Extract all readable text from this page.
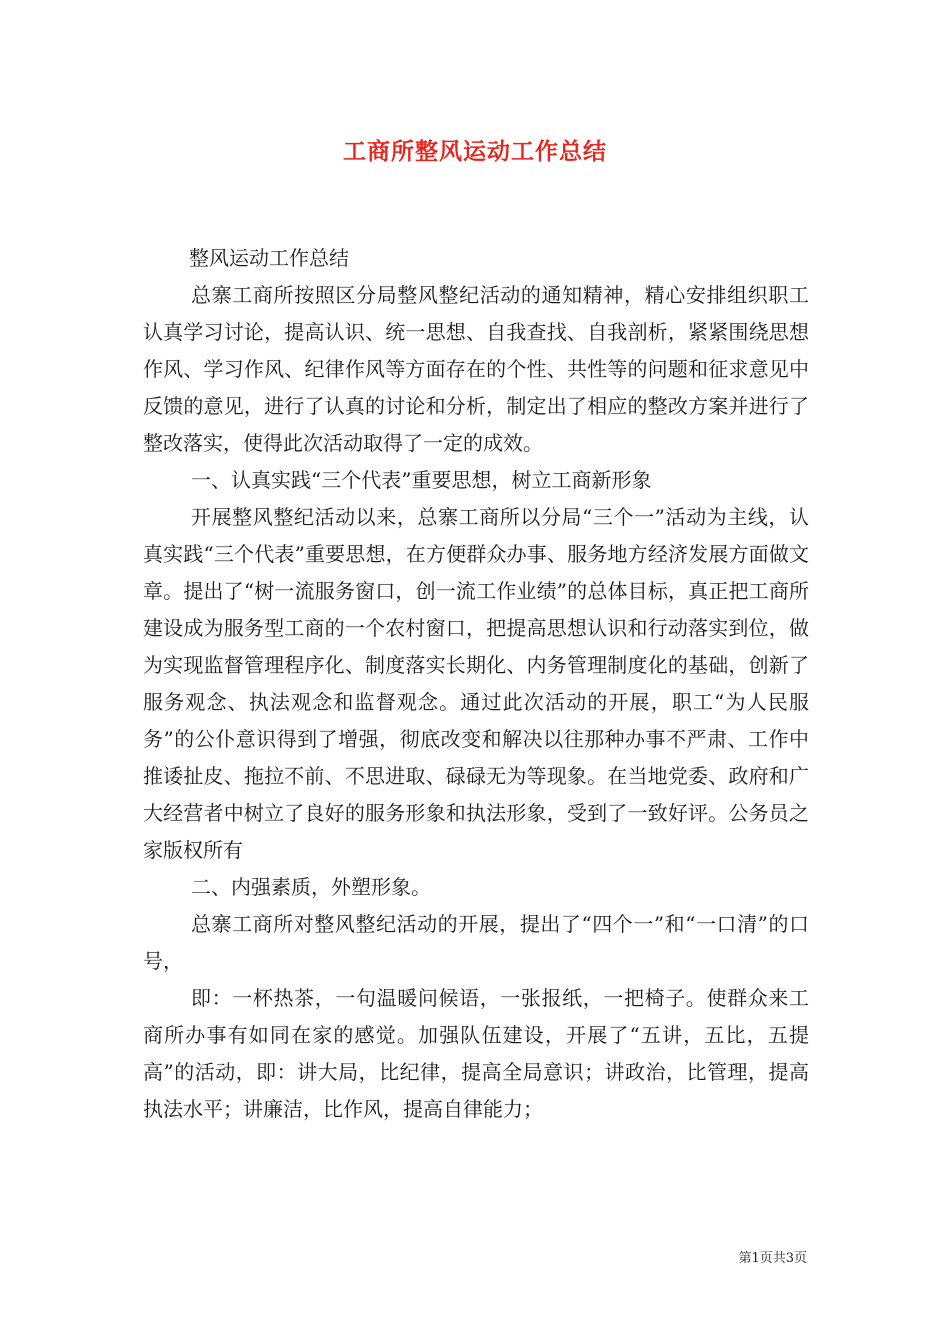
工商所整风运动工作总结

整风运动工作总结

总寨工商所按照区分局整风整纪活动的通知精神，精心安排组织职工认真学习讨论，提高认识、统一思想、自我查找、自我剖析，紧紧围绕思想作风、学习作风、纪律作风等方面存在的个性、共性等的问题和征求意见中反馈的意见，进行了认真的讨论和分析，制定出了相应的整改方案并进行了整改落实，使得此次活动取得了一定的成效。

一、认真实践“三个代表”重要思想，树立工商新形象

开展整风整纪活动以来，总寨工商所以分局“三个一”活动为主线，认真实践“三个代表”重要思想，在方便群众办事、服务地方经济发展方面做文章。提出了“树一流服务窗口，创一流工作业绩”的总体目标，真正把工商所建设成为服务型工商的一个农村窗口，把提高思想认识和行动落实到位，做为实现监督管理程序化、制度落实长期化、内务管理制度化的基础，创新了服务观念、执法观念和监督观念。通过此次活动的开展，职工“为人民服务”的公仆意识得到了增强，彻底改变和解决以往那种办事不严肃、工作中推诿扯皮、拖拉不前、不思进取、碌碌无为等现象。在当地党委、政府和广大经营者中树立了良好的服务形象和执法形象，受到了一致好评。公务员之家版权所有

二、内强素质，外塑形象。

总寨工商所对整风整纪活动的开展，提出了“四个一”和“一口清”的口号，

即：一杯热茶，一句温暖问候语，一张报纸，一把椅子。使群众来工商所办事有如同在家的感觉。加强队伍建设，开展了“五讲，五比，五提高”的活动，即：讲大局，比纪律，提高全局意识；讲政治，比管理，提高执法水平；讲廉洁，比作风，提高自律能力；

第1页共3页
